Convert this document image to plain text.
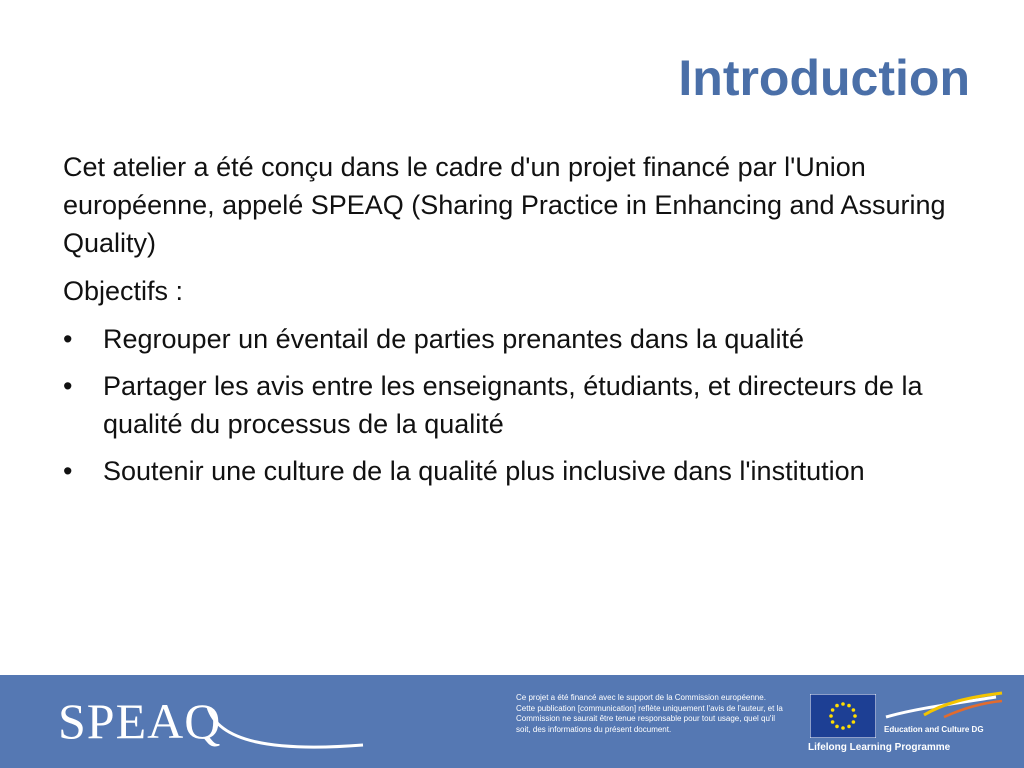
Introduction

Cet atelier a été conçu dans le cadre d'un projet financé par l'Union européenne, appelé SPEAQ (Sharing Practice in Enhancing and Assuring Quality)

Objectifs :

•	Regrouper un éventail de parties prenantes dans la qualité
•	Partager les avis entre les enseignants, étudiants, et directeurs de la qualité du processus de la qualité
•	Soutenir une culture de la qualité plus inclusive dans l'institution
SPEAQ	Ce projet a été financé avec le support de la Commission européenne.
Cette publication [communication] reflète uniquement l'avis de l'auteur, et la Commission ne saurait être tenue responsable pour tout usage, quel qu'il soit, des informations du présent document.	Education and Culture DG
Lifelong Learning Programme
